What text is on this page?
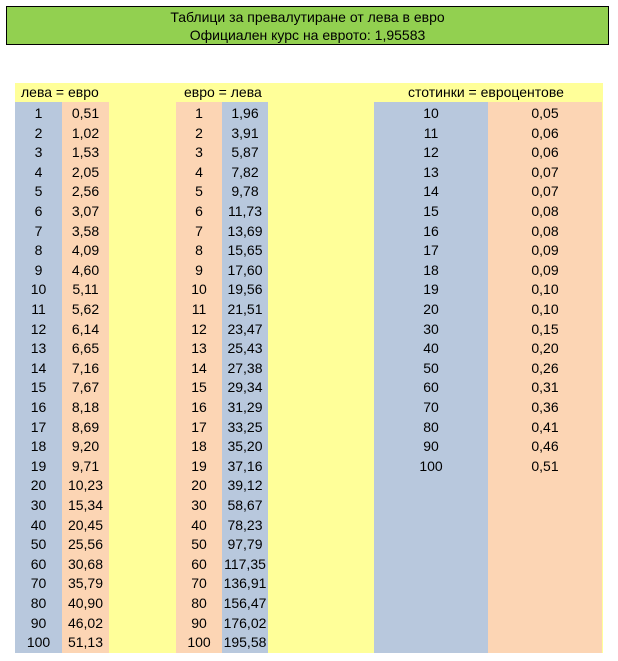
Таблици за превалутиране от лева в евро
Официален курс на еврото: 1,95583
лева = евро
1	0,51
2	1,02
3	1,53
4	2,05
5	2,56
6	3,07
7	3,58
8	4,09
9	4,60
10	5,11
11	5,62
12	6,14
13	6,65
14	7,16
15	7,67
16	8,18
17	8,69
18	9,20
19	9,71
20	10,23
30	15,34
40	20,45
50	25,56
60	30,68
70	35,79
80	40,90
90	46,02
100	51,13
евро = лева
1	1,96
2	3,91
3	5,87
4	7,82
5	9,78
6	11,73
7	13,69
8	15,65
9	17,60
10	19,56
11	21,51
12	23,47
13	25,43
14	27,38
15	29,34
16	31,29
17	33,25
18	35,20
19	37,16
20	39,12
30	58,67
40	78,23
50	97,79
60	117,35
70	136,91
80	156,47
90	176,02
100 195,58
стотинки = евроцентове
10	0,05
11	0,06
12	0,06
13	0,07
14	0,07
15	0,08
16	0,08
17	0,09
18	0,09
19	0,10
20	0,10
30	0,15
40	0,20
50	0,26
60	0,31
70	0,36
80	0,41
90	0,46
100	0,51
